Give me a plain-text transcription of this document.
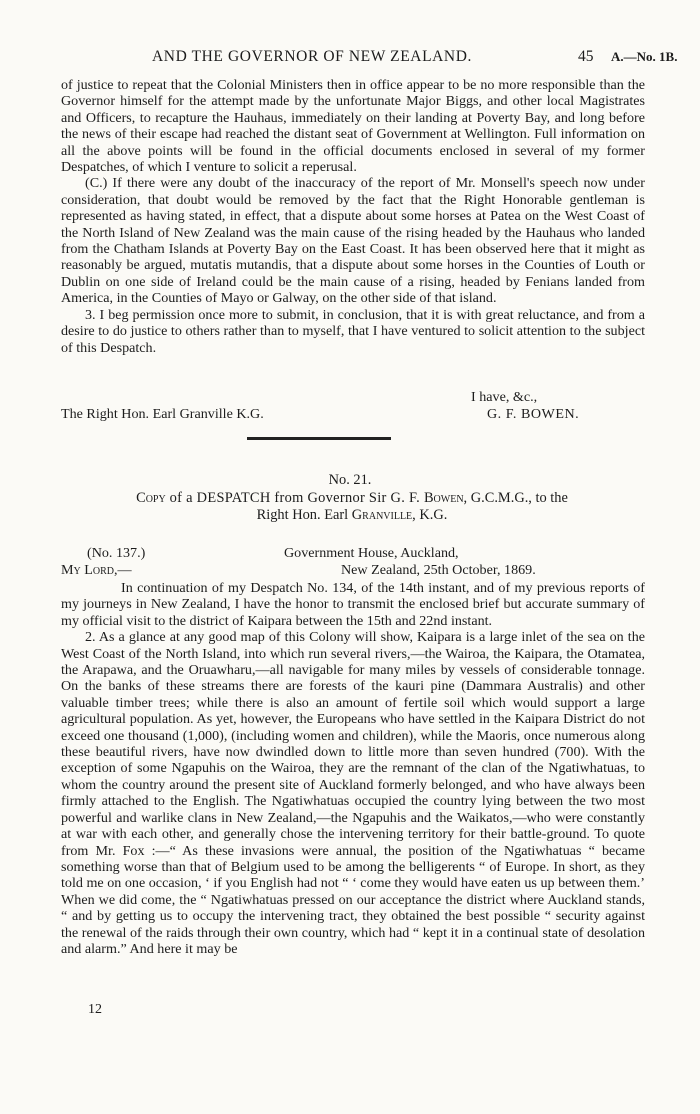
AND THE GOVERNOR OF NEW ZEALAND.	45 A.—No. 1B.

of justice to repeat that the Colonial Ministers then in office appear to be no more responsible than the Governor himself for the attempt made by the unfortunate Major Biggs, and other local Magistrates and Officers, to recapture the Hauhaus, immediately on their landing at Poverty Bay, and long before the news of their escape had reached the distant seat of Government at Wellington. Full information on all the above points will be found in the official documents enclosed in several of my former Despatches, of which I venture to solicit a reperusal.

(C.) If there were any doubt of the inaccuracy of the report of Mr. Monsell's speech now under consideration, that doubt would be removed by the fact that the Right Honorable gentleman is represented as having stated, in effect, that a dispute about some horses at Patea on the West Coast of the North Island of New Zealand was the main cause of the rising headed by the Hauhaus who landed from the Chatham Islands at Poverty Bay on the East Coast. It has been observed here that it might as reasonably be argued, mutatis mutandis, that a dispute about some horses in the Counties of Louth or Dublin on one side of Ireland could be the main cause of a rising, headed by Fenians landed from America, in the Counties of Mayo or Galway, on the other side of that island.

3. I beg permission once more to submit, in conclusion, that it is with great reluctance, and from a desire to do justice to others rather than to myself, that I have ventured to solicit attention to the subject of this Despatch.

I have, &c.,
The Right Hon. Earl Granville K.G.	G. F. BOWEN.
No. 21.
Copy of a DESPATCH from Governor Sir G. F. Bowen, G.C.M.G., to the
Right Hon. Earl Granville, K.G.
(No. 137.)	Government House, Auckland,
My Lord,—	New Zealand, 25th October, 1869.

In continuation of my Despatch No. 134, of the 14th instant, and of my previous reports of my journeys in New Zealand, I have the honor to transmit the enclosed brief but accurate summary of my official visit to the district of Kaipara between the 15th and 22nd instant.

2. As a glance at any good map of this Colony will show, Kaipara is a large inlet of the sea on the West Coast of the North Island, into which run several rivers,—the Wairoa, the Kaipara, the Otamatea, the Arapawa, and the Oruawharu,—all navigable for many miles by vessels of considerable tonnage. On the banks of these streams there are forests of the kauri pine (Dammara Australis) and other valuable timber trees; while there is also an amount of fertile soil which would support a large agricultural population. As yet, however, the Europeans who have settled in the Kaipara District do not exceed one thousand (1,000), (including women and children), while the Maoris, once numerous along these beautiful rivers, have now dwindled down to little more than seven hundred (700). With the exception of some Ngapuhis on the Wairoa, they are the remnant of the clan of the Ngatiwhatuas, to whom the country around the present site of Auckland formerly belonged, and who have always been firmly attached to the English. The Ngatiwhatuas occupied the country lying between the two most powerful and warlike clans in New Zealand,—the Ngapuhis and the Waikatos,—who were constantly at war with each other, and generally chose the intervening territory for their battle-ground. To quote from Mr. Fox :—“ As these invasions were annual, the position of the Ngatiwhatuas “ became something worse than that of Belgium used to be among the belligerents “ of Europe. In short, as they told me on one occasion, ‘ if you English had not “ ‘ come they would have eaten us up between them.’ When we did come, the “ Ngatiwhatuas pressed on our acceptance the district where Auckland stands, “ and by getting us to occupy the intervening tract, they obtained the best possible “ security against the renewal of the raids through their own country, which had “ kept it in a continual state of desolation and alarm.” And here it may be

12
